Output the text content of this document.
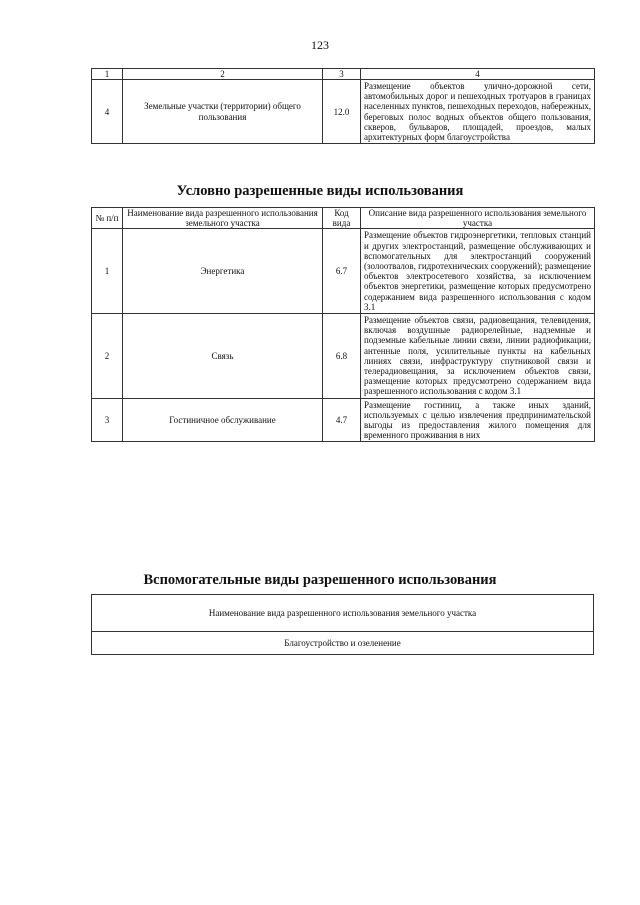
123
1	2	3	4
4	Земельные участки (территории) общего пользования	12.0	Размещение объектов улично-дорожной сети, автомобильных дорог и пешеходных тротуаров в границах населенных пунктов, пешеходных переходов, набережных, береговых полос водных объектов общего пользования, скверов, бульваров, площадей, проездов, малых архитектурных форм благоустройства
Условно разрешенные виды использования
№ п/п	Наименование вида разрешенного использования земельного участка	Код вида	Описание вида разрешенного использования земельного участка
1	Энергетика	6.7	Размещение объектов гидроэнергетики, тепловых станций и других электростанций, размещение обслуживающих и вспомогательных для электростанций сооружений (золоотвалов, гидротехнических сооружений); размещение объектов электросетевого хозяйства, за исключением объектов энергетики, размещение которых предусмотрено содержанием вида разрешенного использования с кодом 3.1
2	Связь	6.8	Размещение объектов связи, радиовещания, телевидения, включая воздушные радиорелейные, надземные и подземные кабельные линии связи, линии радиофикации, антенные поля, усилительные пункты на кабельных линиях связи, инфраструктуру спутниковой связи и телерадиовещания, за исключением объектов связи, размещение которых предусмотрено содержанием вида разрешенного использования с кодом 3.1
3	Гостиничное обслуживание	4.7	Размещение гостиниц, а также иных зданий, используемых с целью извлечения предпринимательской выгоды из предоставления жилого помещения для временного проживания в них
Вспомогательные виды разрешенного использования
Наименование вида разрешенного использования земельного участка
Благоустройство и озеленение
